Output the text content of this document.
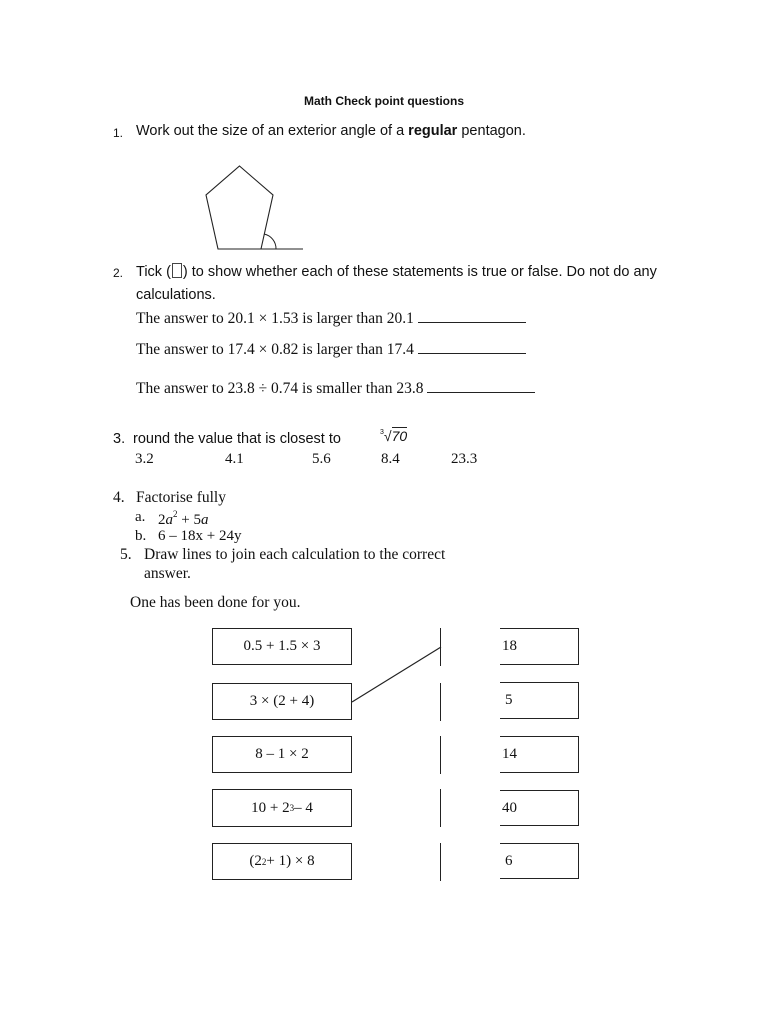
Math Check point questions
1. Work out the size of an exterior angle of a regular pentagon.
2. Tick ( ) to show whether each of these statements is true or false. Do not do any
calculations.
The answer to 20.1 × 1.53 is larger than 20.1
The answer to 17.4 × 0.82 is larger than 17.4
The answer to 23.8 ÷ 0.74 is smaller than 23.8
3. round the value that is closest to	$^3$√70
3.2	4.1	5.6	8.4	23.3
4. Factorise fully
a. $2a^2 + 5a$
b. 6 – 18x + 24y
5. Draw lines to join each calculation to the correct
answer.
One has been done for you.
0.5 + 1.5 × 3
3 × (2 + 4)
8 – 1 × 2
10 + 2 3 – 4
(2 2 + 1) × 8
18
5
14
40
6
